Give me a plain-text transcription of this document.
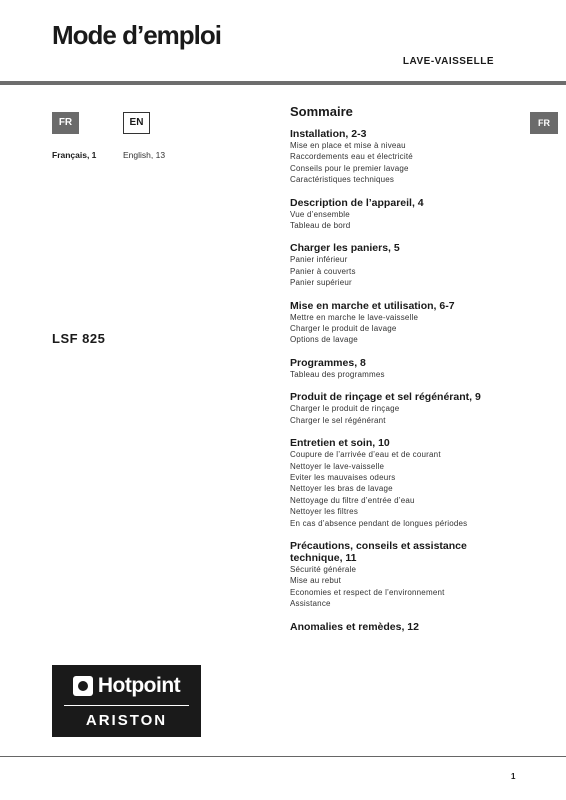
Mode d’emploi
LAVE-VAISSELLE
FR	EN
Français, 1	English, 13
LSF 825
FR
Sommaire
Installation, 2-3
Mise en place et mise à niveau
Raccordements eau et électricité
Conseils pour le premier lavage
Caractéristiques techniques
Description de l’appareil, 4
Vue d’ensemble
Tableau de bord
Charger les paniers, 5
Panier inférieur
Panier à couverts
Panier supérieur
Mise en marche et utilisation, 6-7
Mettre en marche le lave-vaisselle
Charger le produit de lavage
Options de lavage
Programmes, 8
Tableau des programmes
Produit de rinçage et sel régénérant, 9
Charger le produit de rinçage
Charger le sel régénérant
Entretien et soin, 10
Coupure de l’arrivée d’eau et de courant
Nettoyer le lave-vaisselle
Eviter les mauvaises odeurs
Nettoyer les bras de lavage
Nettoyage du filtre d’entrée d’eau
Nettoyer les filtres
En cas d’absence pendant de longues périodes
Précautions, conseils et assistance technique, 11
Sécurité générale
Mise au rebut
Economies et respect de l’environnement
Assistance
Anomalies et remèdes, 12
Hotpoint
ARISTON
1
